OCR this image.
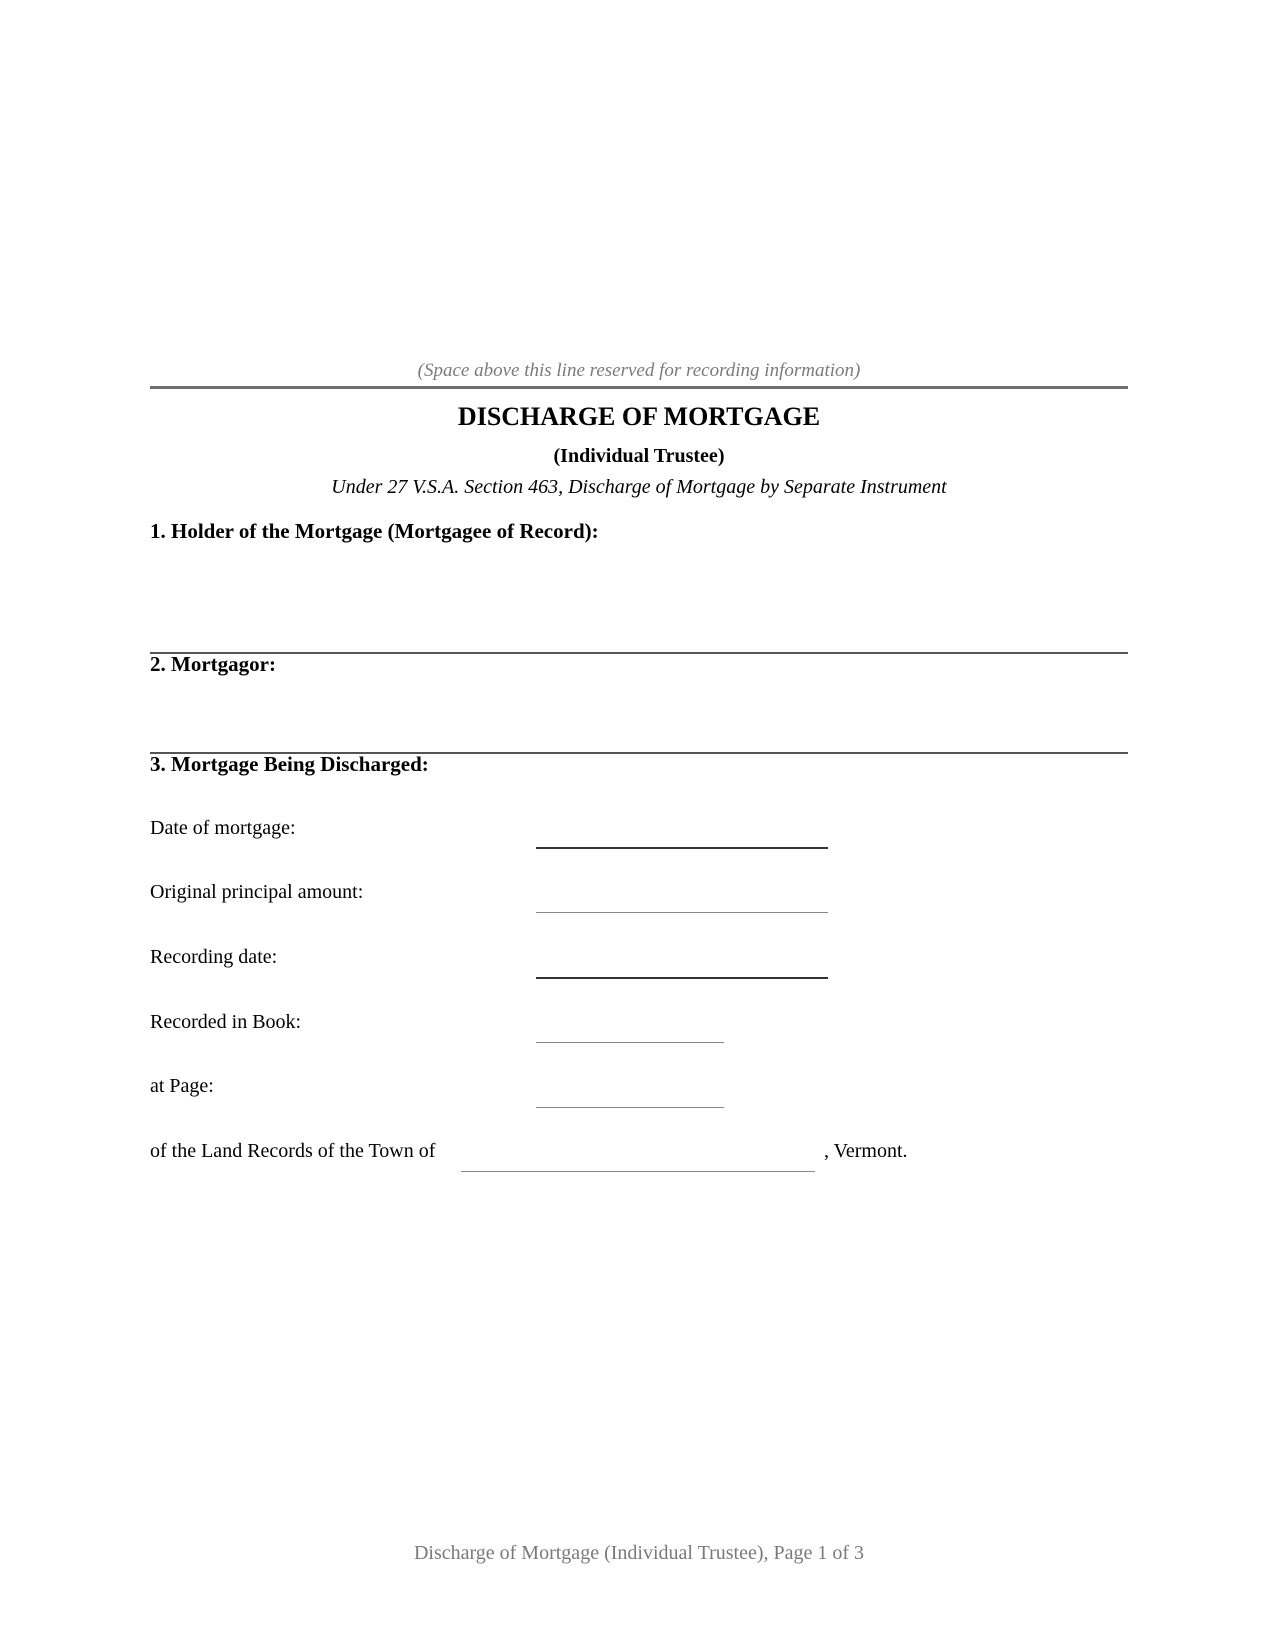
(Space above this line reserved for recording information)
DISCHARGE OF MORTGAGE
(Individual Trustee)
Under 27 V.S.A. Section 463, Discharge of Mortgage by Separate Instrument
1. Holder of the Mortgage (Mortgagee of Record):
2. Mortgagor:
3. Mortgage Being Discharged:
Date of mortgage:
Original principal amount:
Recording date:
Recorded in Book:
at Page:
of the Land Records of the Town of	, Vermont.
Discharge of Mortgage (Individual Trustee), Page 1 of 3
